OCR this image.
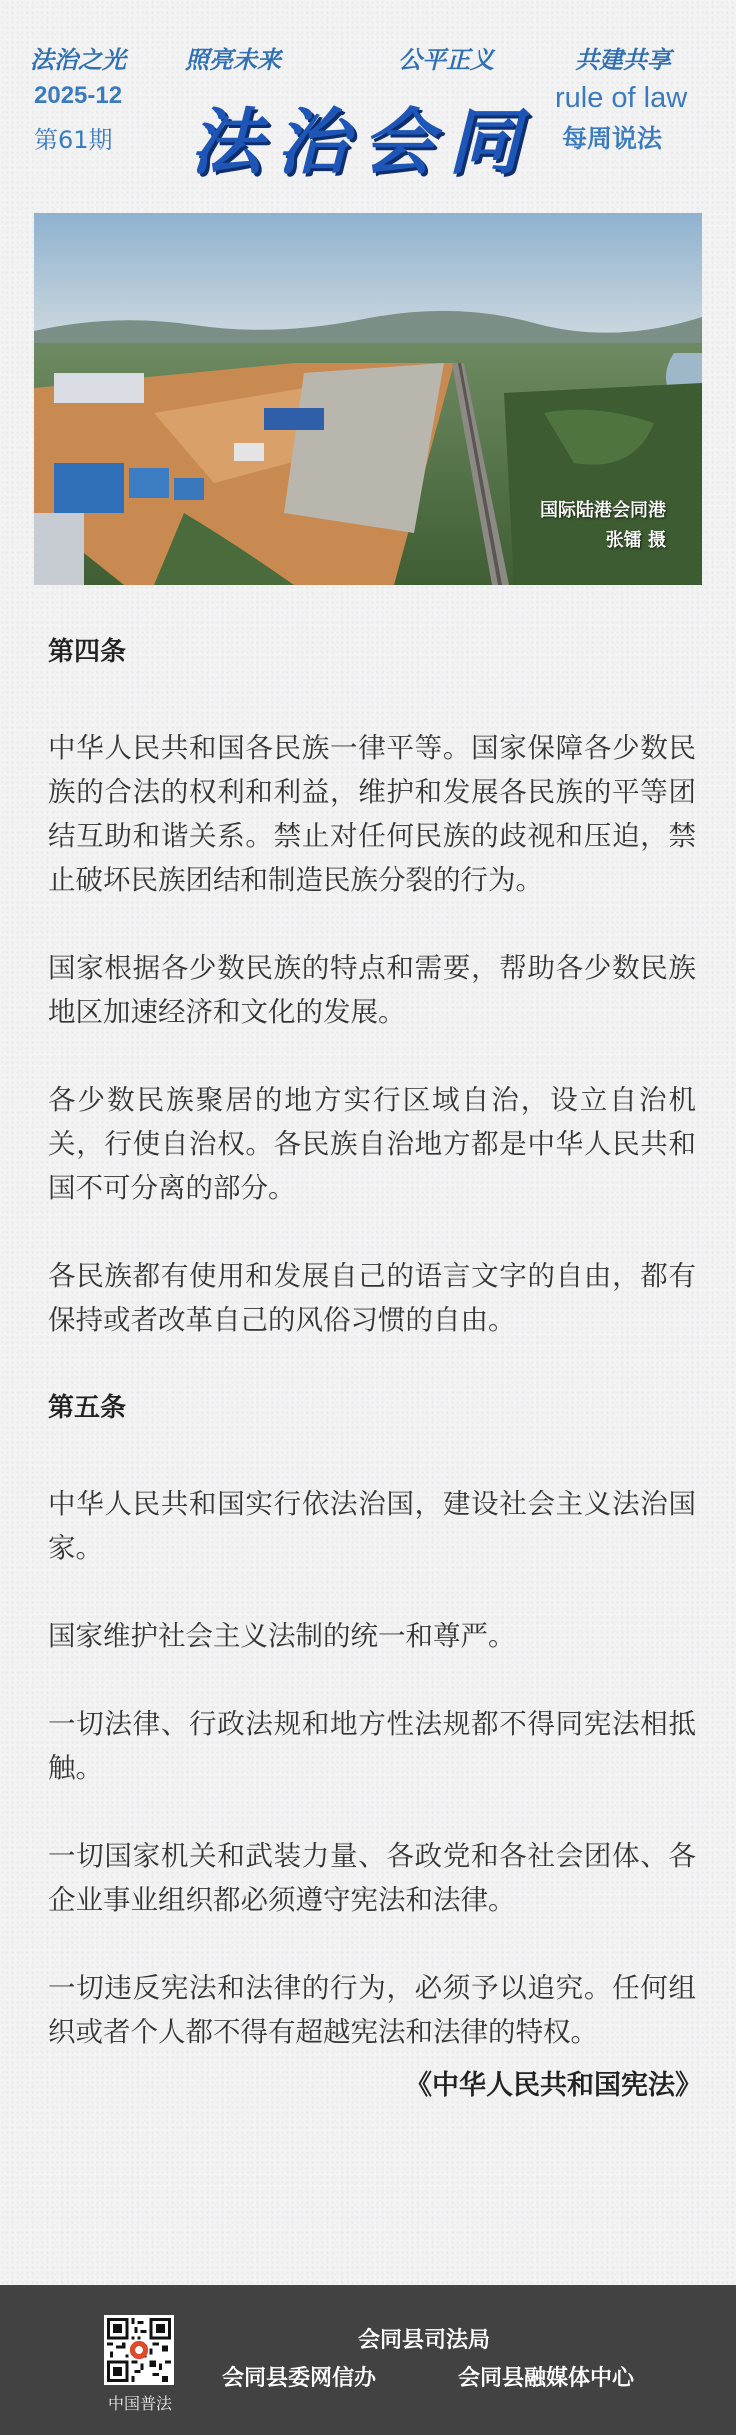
法治之光 照亮未来	公平正义	共建共享
2025-12
第61期 法治会同
rule of law
每周说法
国际陆港会同港
张镭 摄
第四条

中华人民共和国各民族一律平等。国家保障各少数民族的合法的权利和利益，维护和发展各民族的平等团结互助和谐关系。禁止对任何民族的歧视和压迫，禁止破坏民族团结和制造民族分裂的行为。

国家根据各少数民族的特点和需要，帮助各少数民族地区加速经济和文化的发展。

各少数民族聚居的地方实行区域自治，设立自治机关，行使自治权。各民族自治地方都是中华人民共和国不可分离的部分。

各民族都有使用和发展自己的语言文字的自由，都有保持或者改革自己的风俗习惯的自由。

第五条

中华人民共和国实行依法治国，建设社会主义法治国家。

国家维护社会主义法制的统一和尊严。

一切法律、行政法规和地方性法规都不得同宪法相抵触。

一切国家机关和武装力量、各政党和各社会团体、各企业事业组织都必须遵守宪法和法律。

一切违反宪法和法律的行为，必须予以追究。任何组织或者个人都不得有超越宪法和法律的特权。

《中华人民共和国宪法》
中国普法
会同县司法局
会同县委网信办	会同县融媒体中心
